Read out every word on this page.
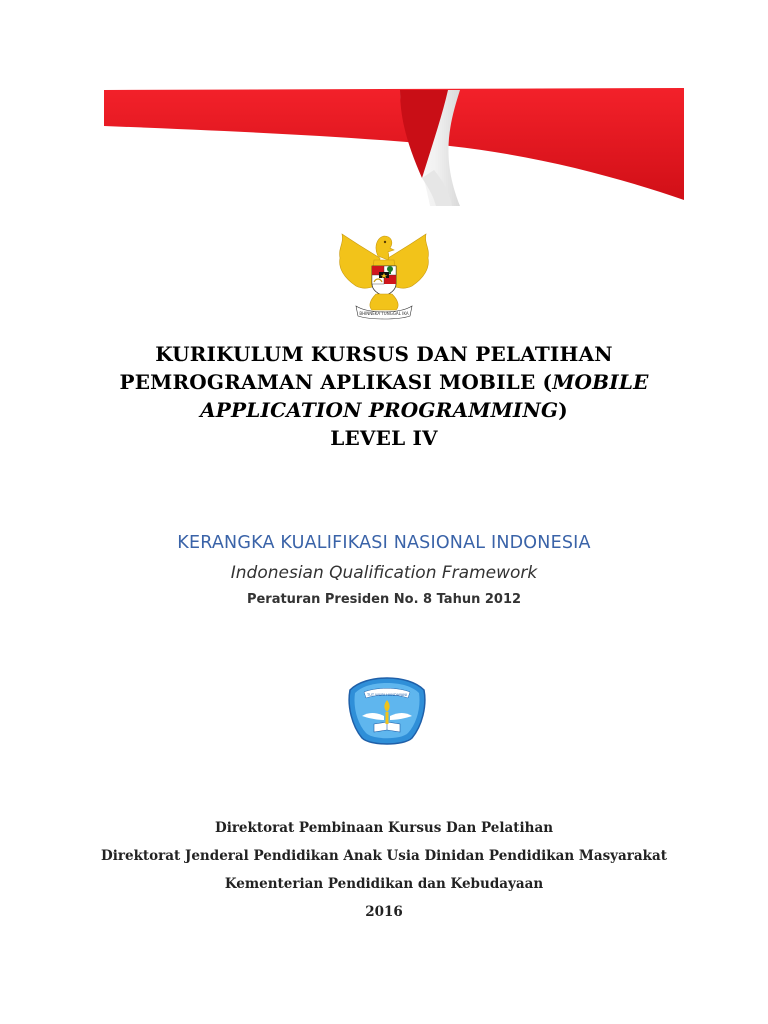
BHINNEKA TUNGGAL IKA
KURIKULUM KURSUS DAN PELATIHAN
PEMROGRAMAN APLIKASI MOBILE (MOBILE
APPLICATION PROGRAMMING)
LEVEL IV
KERANGKA KUALIFIKASI NASIONAL INDONESIA
Indonesian Qualification Framework
Peraturan Presiden No. 8 Tahun 2012
TUT WURI HANDAYANI
Direktorat Pembinaan Kursus Dan Pelatihan
Direktorat Jenderal Pendidikan Anak Usia Dinidan Pendidikan Masyarakat
Kementerian Pendidikan dan Kebudayaan
2016
